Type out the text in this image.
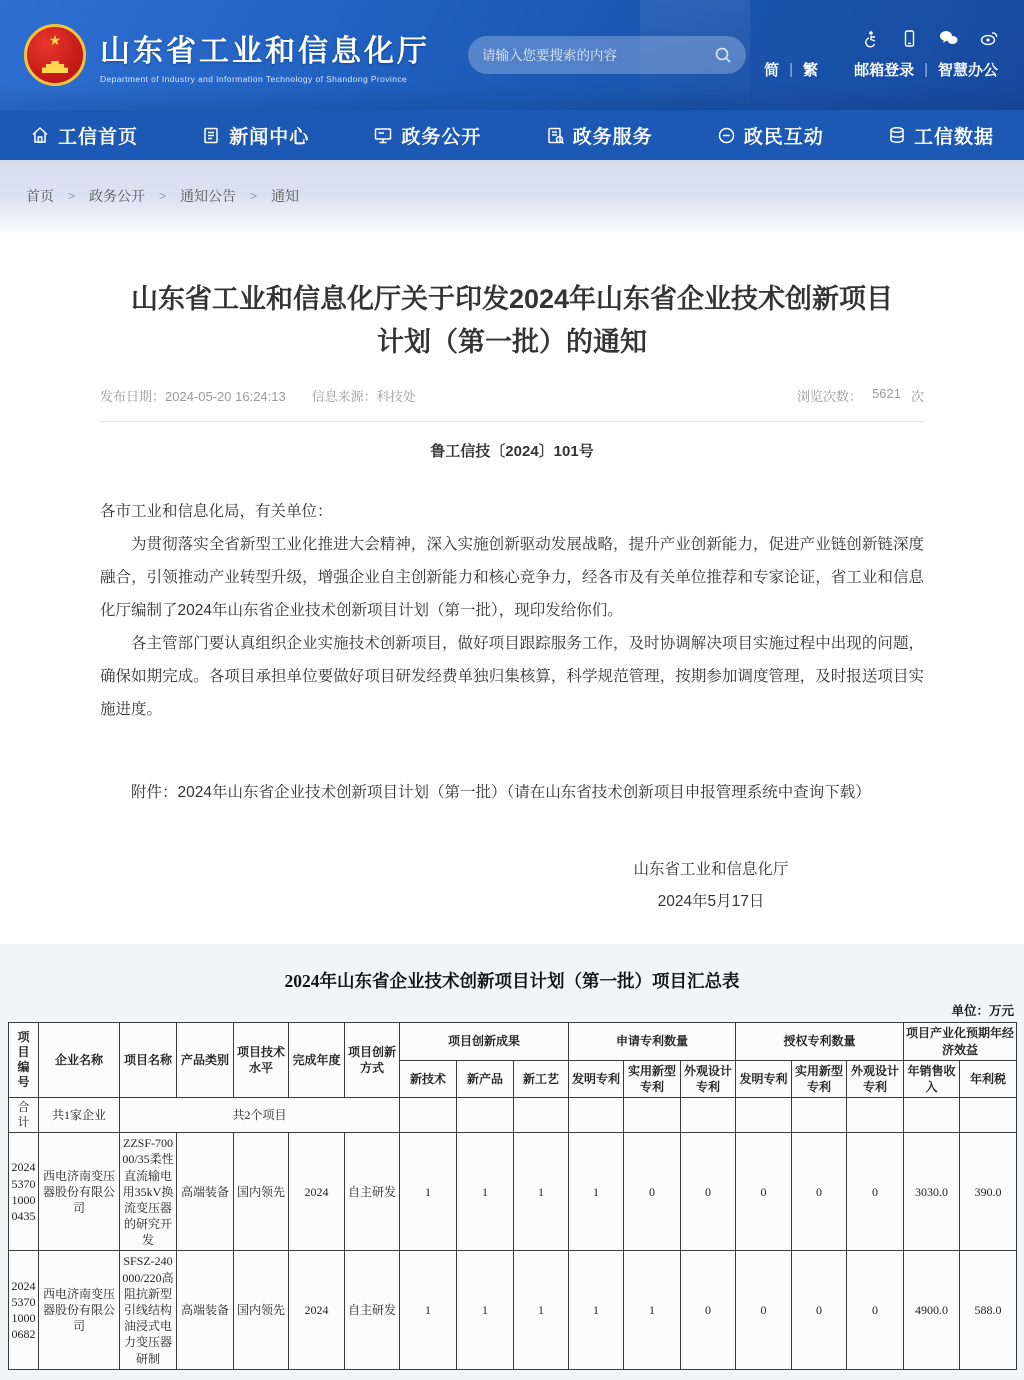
★ 山东省工业和信息化厅
Department of Industry and Information Technology of Shandong Province
请输入您要搜索的内容	简 | 繁 邮箱登录 | 智慧办公
工信首页	新闻中心	政务公开	政务服务	政民互动	工信数据
首页 > 政务公开 > 通知公告 > 通知
山东省工业和信息化厅关于印发2024年山东省企业技术创新项目计划（第一批）的通知
发布日期：2024-05-20 16:24:13 信息来源：科技处	浏览次数： 5621 次
鲁工信技〔2024〕101号

各市工业和信息化局，有关单位：

为贯彻落实全省新型工业化推进大会精神，深入实施创新驱动发展战略，提升产业创新能力，促进产业链创新链深度融合，引领推动产业转型升级，增强企业自主创新能力和核心竞争力，经各市及有关单位推荐和专家论证，省工业和信息化厅编制了2024年山东省企业技术创新项目计划（第一批），现印发给你们。

各主管部门要认真组织企业实施技术创新项目，做好项目跟踪服务工作，及时协调解决项目实施过程中出现的问题，确保如期完成。各项目承担单位要做好项目研发经费单独归集核算，科学规范管理，按期参加调度管理，及时报送项目实施进度。

附件：2024年山东省企业技术创新项目计划（第一批）（请在山东省技术创新项目申报管理系统中查询下载）

山东省工业和信息化厅
2024年5月17日
2024年山东省企业技术创新项目计划（第一批）项目汇总表
单位：万元
项目编号	企业名称	项目名称	产品类别	项目技术水平	完成年度	项目创新方式	项目创新成果			申请专利数量			授权专利数量			项目产业化预期年经济效益	
							新技术	新产品	新工艺	发明专利	实用新型专利	外观设计专利	发明专利	实用新型专利	外观设计专利	年销售收入	年利税

合计	共1家企业	共2个项目															
2024537010000435	西电济南变压器股份有限公司	ZZSF-70000/35柔性直流输电用35kV换流变压器的研究开发	高端装备	国内领先	2024	自主研发	1	1	1	1	0	0	0	0	0	3030.0	390.0
2024537010000682	西电济南变压器股份有限公司	SFSZ-240000/220高阻抗新型引线结构油浸式电力变压器研制	高端装备	国内领先	2024	自主研发	1	1	1	1	1	0	0	0	0	4900.0	588.0
